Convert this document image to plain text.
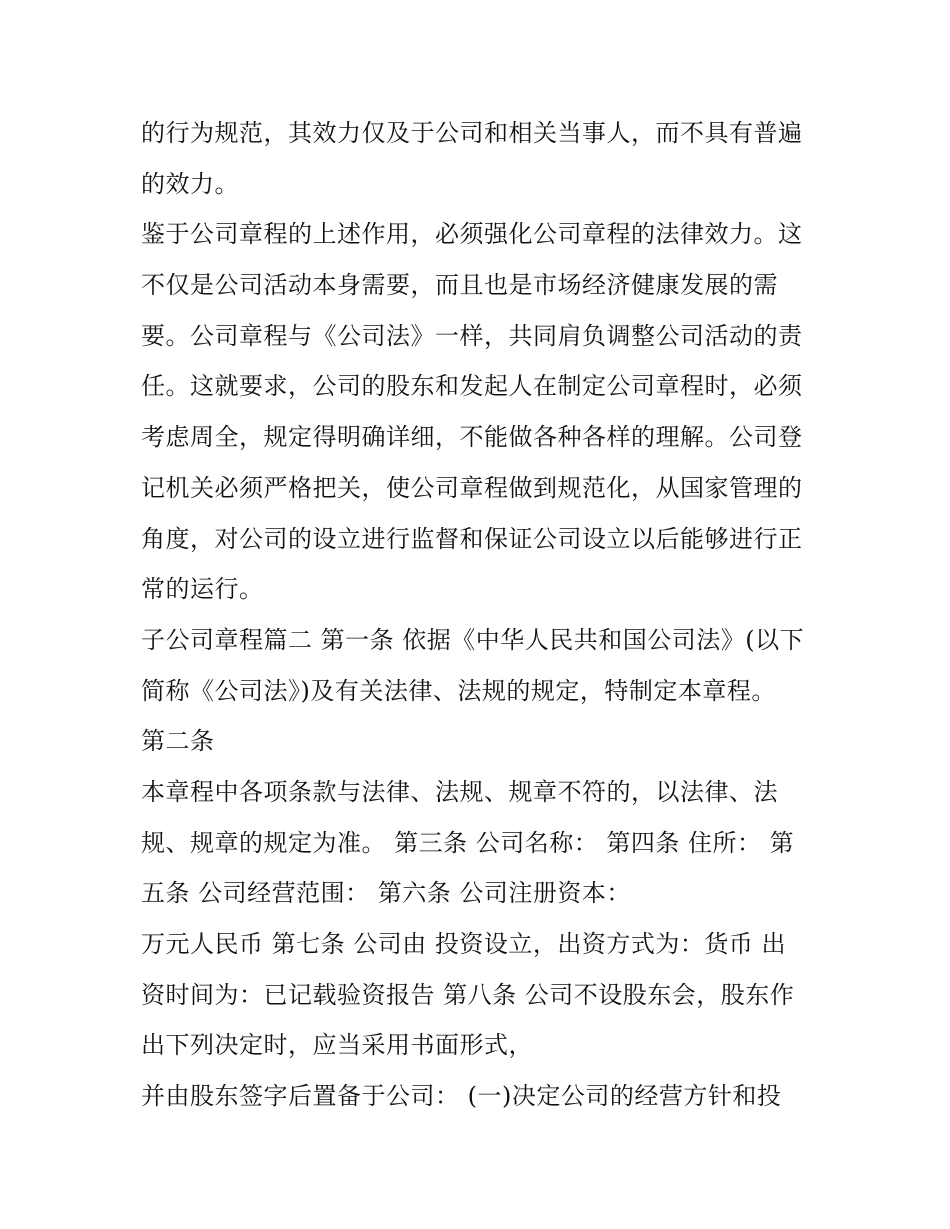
的行为规范，其效力仅及于公司和相关当事人，而不具有普遍
的效力。
鉴于公司章程的上述作用，必须强化公司章程的法律效力。这
不仅是公司活动本身需要，而且也是市场经济健康发展的需
要。公司章程与《公司法》一样，共同肩负调整公司活动的责
任。这就要求，公司的股东和发起人在制定公司章程时，必须
考虑周全，规定得明确详细，不能做各种各样的理解。公司登
记机关必须严格把关，使公司章程做到规范化，从国家管理的
角度，对公司的设立进行监督和保证公司设立以后能够进行正
常的运行。
子公司章程篇二 第一条 依据《中华人民共和国公司法》(以下
简称《公司法》)及有关法律、法规的规定，特制定本章程。
第二条
本章程中各项条款与法律、法规、规章不符的，以法律、法
规、规章的规定为准。 第三条 公司名称： 第四条 住所： 第
五条 公司经营范围： 第六条 公司注册资本：
万元人民币 第七条 公司由 投资设立，出资方式为：货币 出
资时间为：已记载验资报告 第八条 公司不设股东会，股东作
出下列决定时，应当采用书面形式，
并由股东签字后置备于公司： (一)决定公司的经营方针和投
